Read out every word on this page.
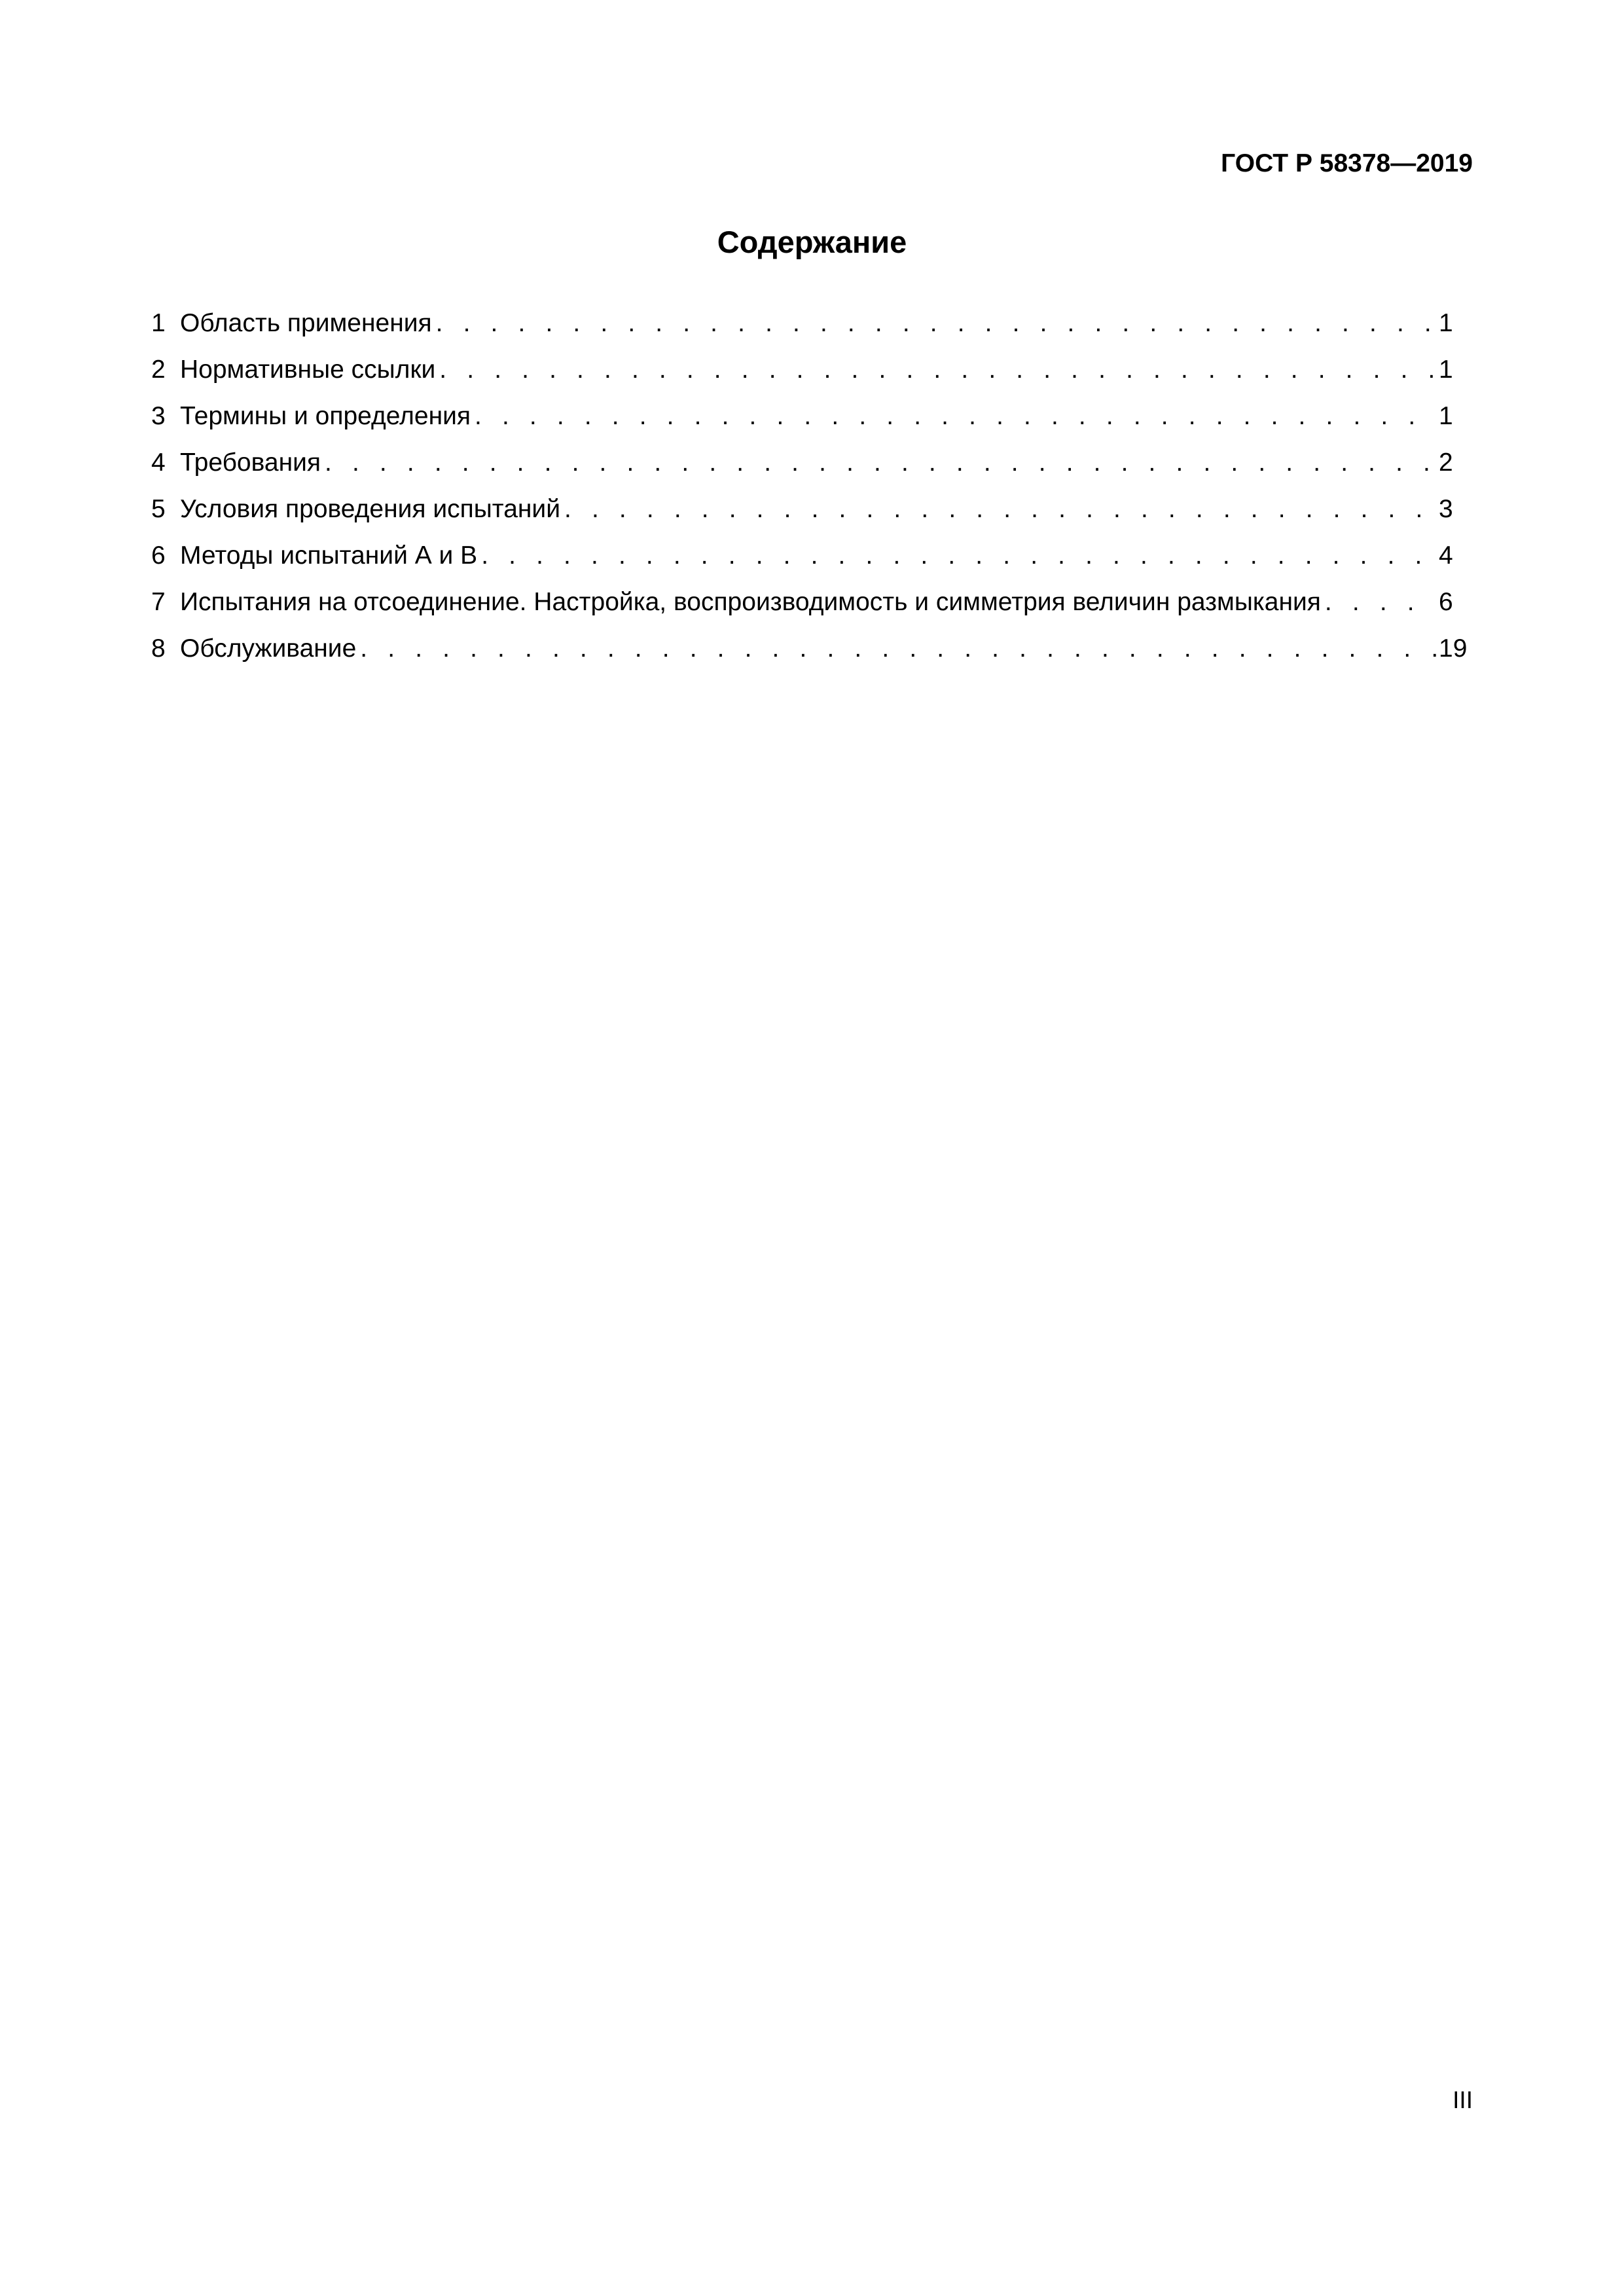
ГОСТ Р 58378—2019
Содержание
1 Область применения . . .	1
2 Нормативные ссылки . . .	1
3 Термины и определения . . .	1
4 Требования . . .	2
5 Условия проведения испытаний . . .	3
6 Методы испытаний А и В . . .	4
7 Испытания на отсоединение. Настройка, воспроизводимость и симметрия величин размыкания . . .	6
8 Обслуживание . . .	19
III
